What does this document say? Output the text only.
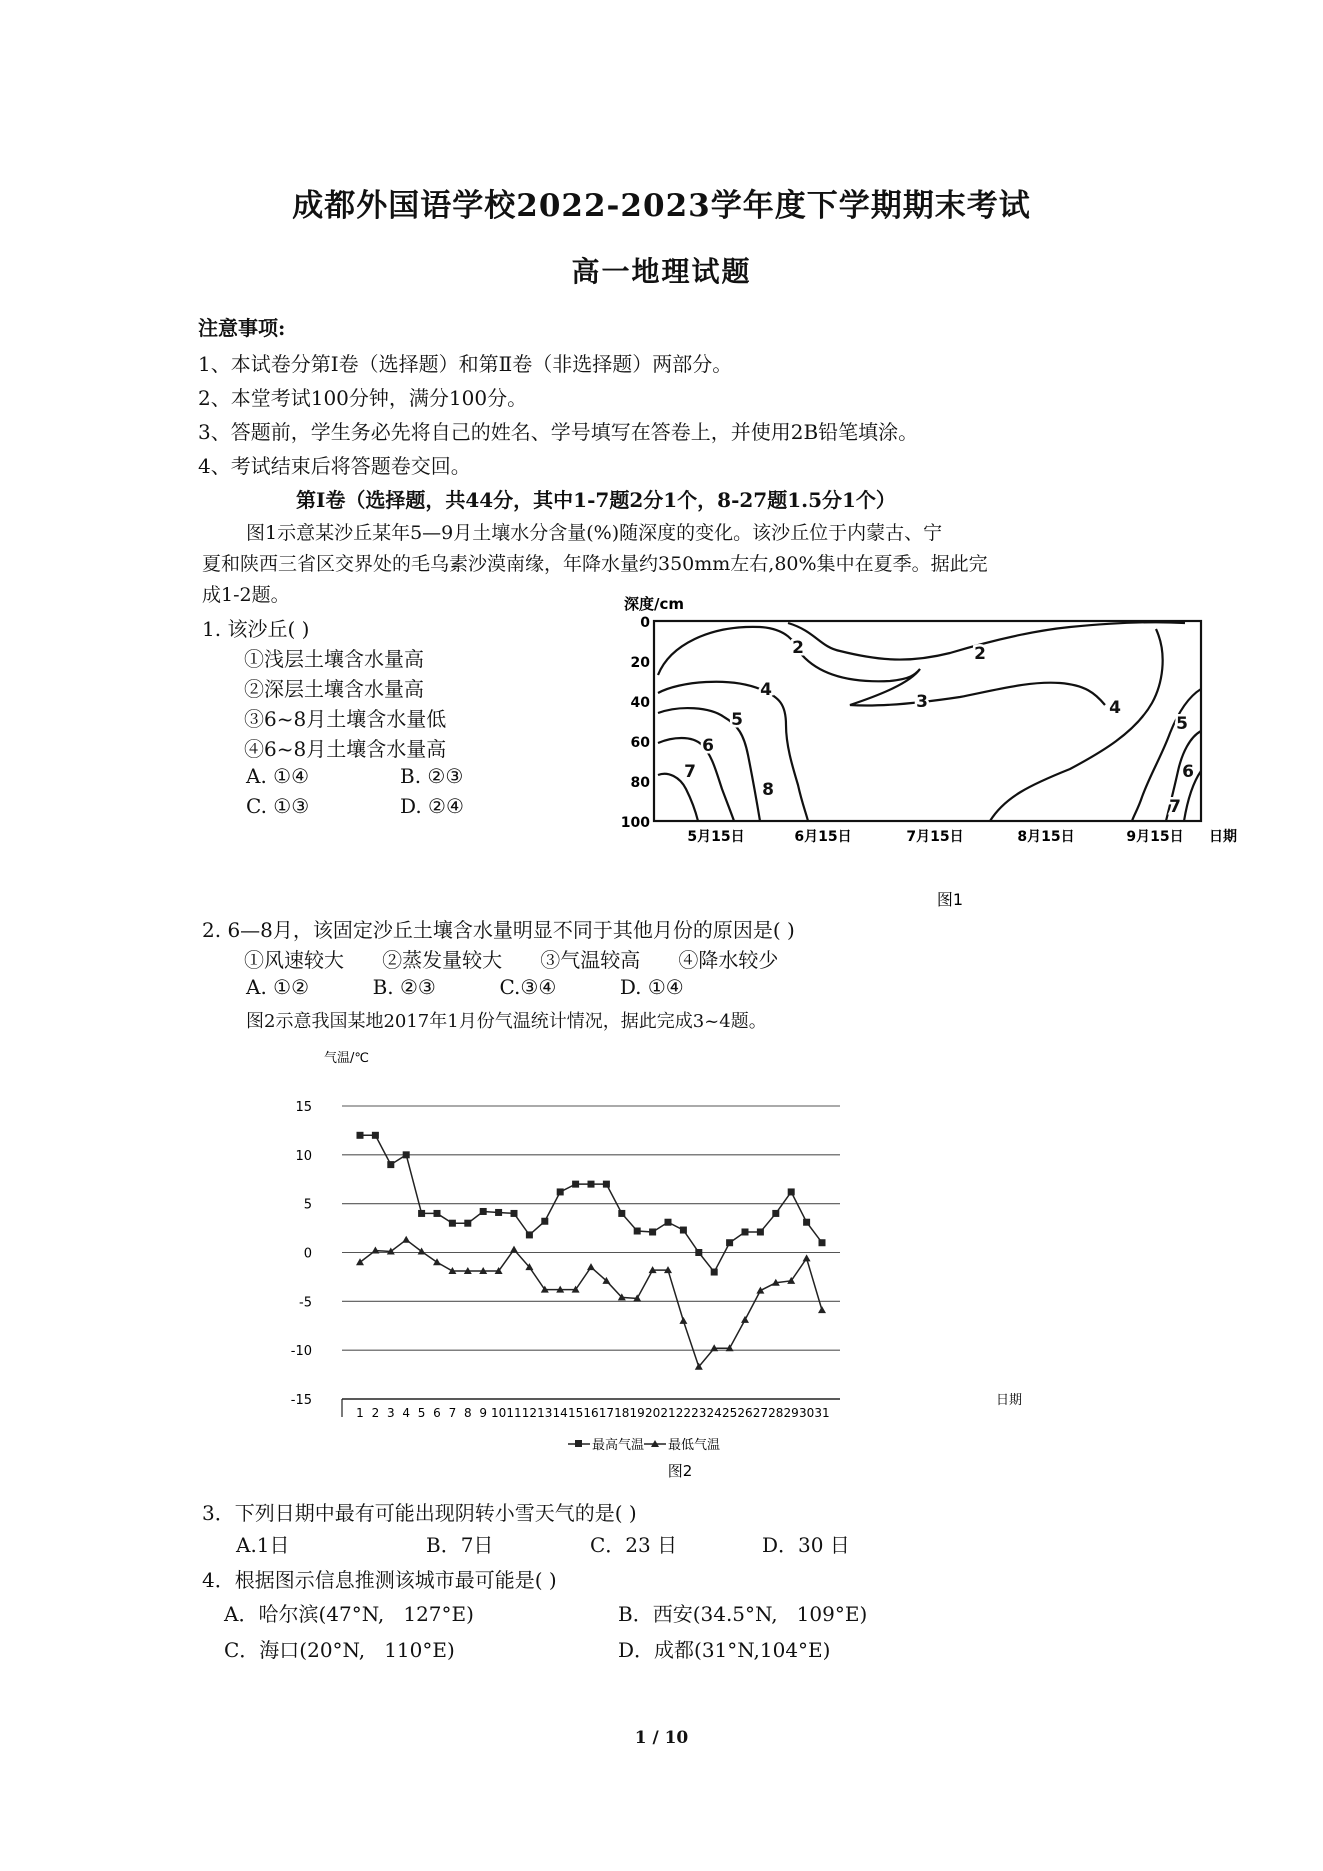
成都外国语学校2022-2023学年度下学期期末考试
高一地理试题
注意事项:
1、本试卷分第Ⅰ卷（选择题）和第Ⅱ卷（非选择题）两部分。
2、本堂考试100分钟，满分100分。
3、答题前，学生务必先将自己的姓名、学号填写在答卷上，并使用2B铅笔填涂。
4、考试结束后将答题卷交回。
第Ⅰ卷（选择题，共44分，其中1-7题2分1个，8-27题1.5分1个）
图1示意某沙丘某年5—9月土壤水分含量(%)随深度的变化。该沙丘位于内蒙古、宁
夏和陕西三省区交界处的毛乌素沙漠南缘，年降水量约350mm左右,80%集中在夏季。据此完
成1-2题。
1. 该沙丘( )
①浅层土壤含水量高
②深层土壤含水量高
③6~8月土壤含水量低
④6~8月土壤含水量高
A. ①④	B. ②③
C. ①③	D. ②④
深度/cm
0
20
40
60
80
100
5月15日	6月15日	7月15日	8月15日	9月15日 日期
2
8
4
5
6
7
2
3	4
5
6
7
图1
2. 6—8月，该固定沙丘土壤含水量明显不同于其他月份的原因是( )
①风速较大      ②蒸发量较大      ③气温较高      ④降水较少
A. ①②          B. ②③          C.③④          D. ①④
图2示意我国某地2017年1月份气温统计情况，据此完成3~4题。
气温/℃
15
10
5
0
-5
-10
-15
1 2 3 4 5 6 7 8 9 10 11 12 13 14 15 16 17 18 19 20 21 22 23 24 25 26 27 28 29 30 31
日期
最高气温 最低气温
图2
3．下列日期中最有可能出现阴转小雪天气的是( )
A.1日	B．7日	C．23 日	D．30 日
4．根据图示信息推测该城市最可能是( )
A．哈尔滨(47°N,   127°E)	B．西安(34.5°N,   109°E)
C．海口(20°N,   110°E)	D．成都(31°N,104°E)
1 / 10
